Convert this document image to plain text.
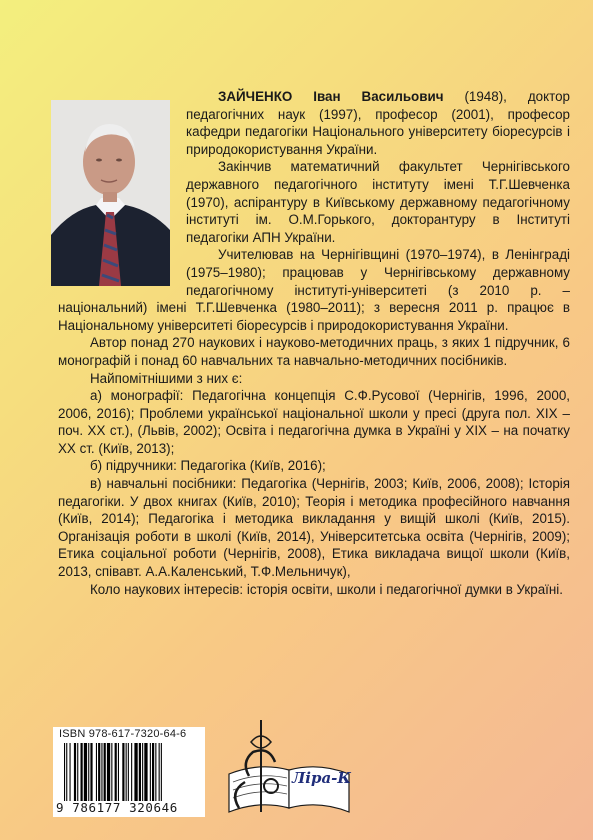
ЗАЙЧЕНКО Іван Васильович (1948), доктор педагогічних наук (1997), професор (2001), професор кафедри педагогіки Національного університету біоресурсів і природокористування України.

Закінчив математичний факультет Чернігівського державного педагогічного інституту імені Т.Г.Шевченка (1970), аспірантуру в Київському державному педагогічному інституті ім. О.М.Горького, докторантуру в Інституті педагогіки АПН України.

Учителював на Чернігівщині (1970–1974), в Ленінграді (1975–1980); працював у Чернігівському державному педагогічному інституті-університеті (з 2010 р. – національний) імені Т.Г.Шевченка (1980–2011); з вересня 2011 р. працює в Національному університеті біоресурсів і природокористування України.

Автор понад 270 наукових і науково-методичних праць, з яких 1 підручник, 6 монографій і понад 60 навчальних та навчально-методичних посібників.

Найпомітнішими з них є:

а) монографії: Педагогічна концепція С.Ф.Русової (Чернігів, 1996, 2000, 2006, 2016); Проблеми української національної школи у пресі (друга пол. XIX – поч. XX ст.), (Львів, 2002); Освіта і педагогічна думка в Україні у XIX – на початку XX ст. (Київ, 2013);

б) підручники: Педагогіка (Київ, 2016);

в) навчальні посібники: Педагогіка (Чернігів, 2003; Київ, 2006, 2008); Історія педагогіки. У двох книгах (Київ, 2010); Теорія і методика професійного навчання (Київ, 2014); Педагогіка і методика викладання у вищій школі (Київ, 2015). Організація роботи в школі (Київ, 2014), Університетська освіта (Чернігів, 2009); Етика соціальної роботи (Чернігів, 2008), Етика викладача вищої школи (Київ, 2013, співавт. А.А.Каленський, Т.Ф.Мельничук),

Коло наукових інтересів: історія освіти, школи і педагогічної думки в Україні.

ISBN 978-617-7320-64-6
9 786177 320646
Ліра-К
